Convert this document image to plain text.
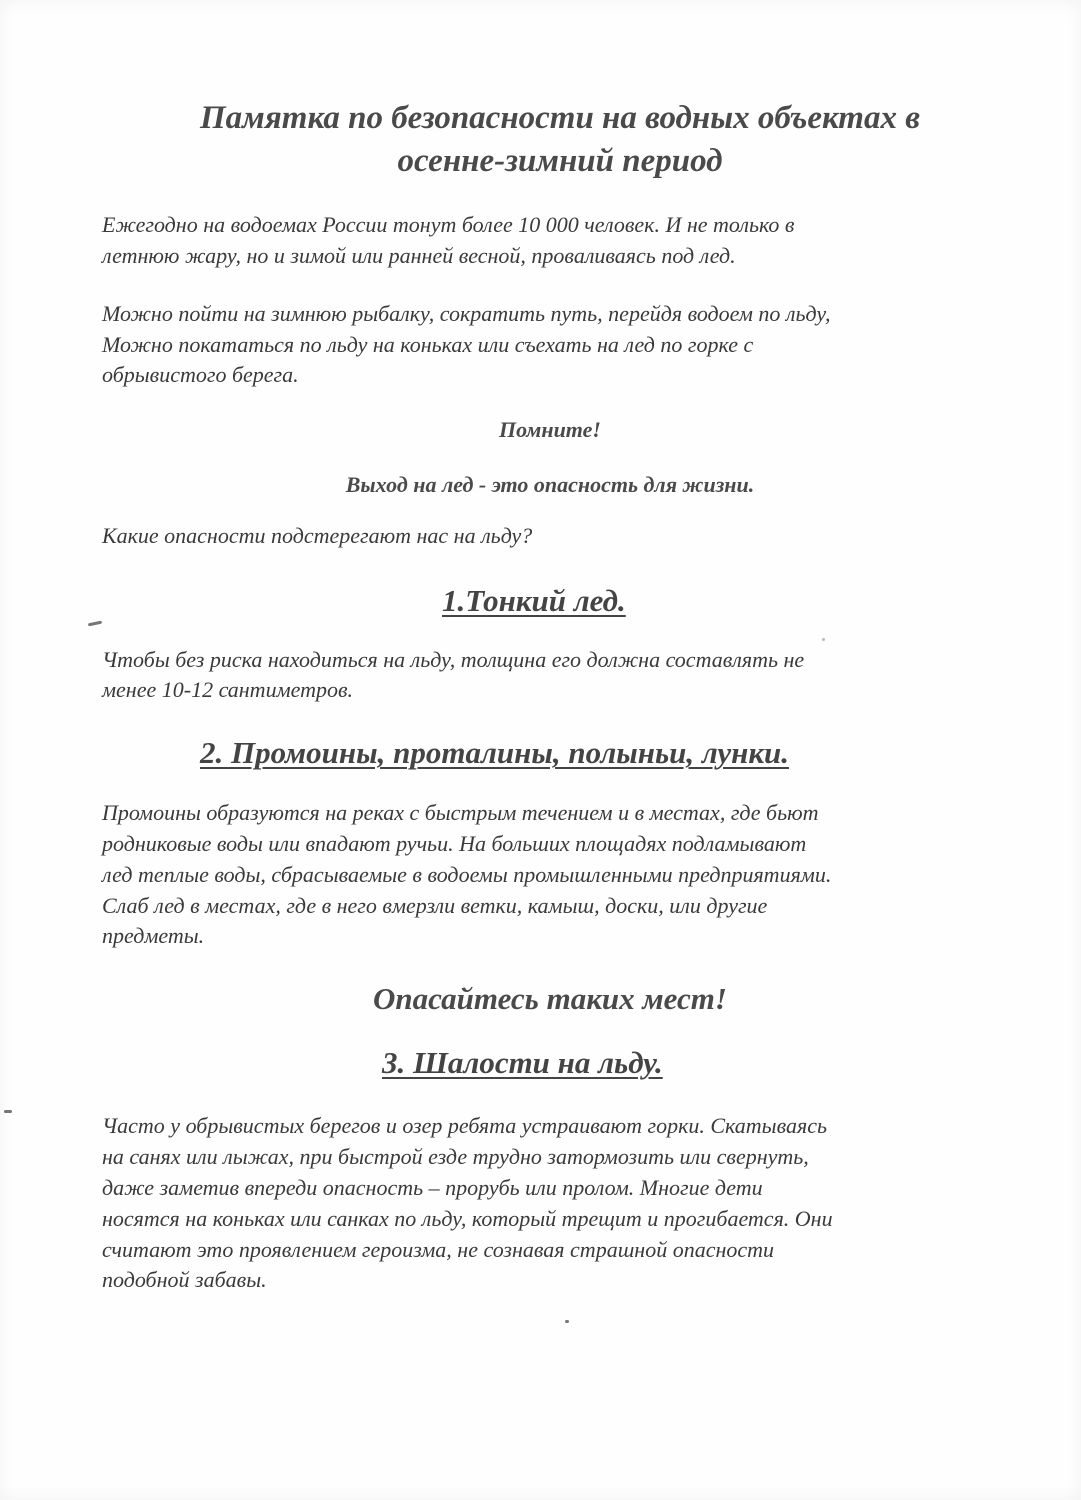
Памятка по безопасности на водных объектах в
осенне-зимний период
Ежегодно на водоемах России тонут более 10 000 человек. И не только в
летнюю жару, но и зимой или ранней весной, проваливаясь под лед.
Можно пойти на зимнюю рыбалку, сократить путь, перейдя водоем по льду,
Можно покататься по льду на коньках или съехать на лед по горке с
обрывистого берега.
Помните!
Выход на лед - это опасность для жизни.
Какие опасности подстерегают нас на льду?
1.Тонкий лед.
Чтобы без риска находиться на льду, толщина его должна составлять не
менее 10-12 сантиметров.
2. Промоины, проталины, полыньи, лунки.
Промоины образуются на реках с быстрым течением и в местах, где бьют
родниковые воды или впадают ручьи. На больших площадях подламывают
лед теплые воды, сбрасываемые в водоемы промышленными предприятиями.
Слаб лед в местах, где в него вмерзли ветки, камыш, доски, или другие
предметы.
Опасайтесь таких мест!
3. Шалости на льду.
Часто у обрывистых берегов и озер ребята устраивают горки. Скатываясь
на санях или лыжах, при быстрой езде трудно затормозить или свернуть,
даже заметив впереди опасность – прорубь или пролом. Многие дети
носятся на коньках или санках по льду, который трещит и прогибается. Они
считают это проявлением героизма, не сознавая страшной опасности
подобной забавы.
